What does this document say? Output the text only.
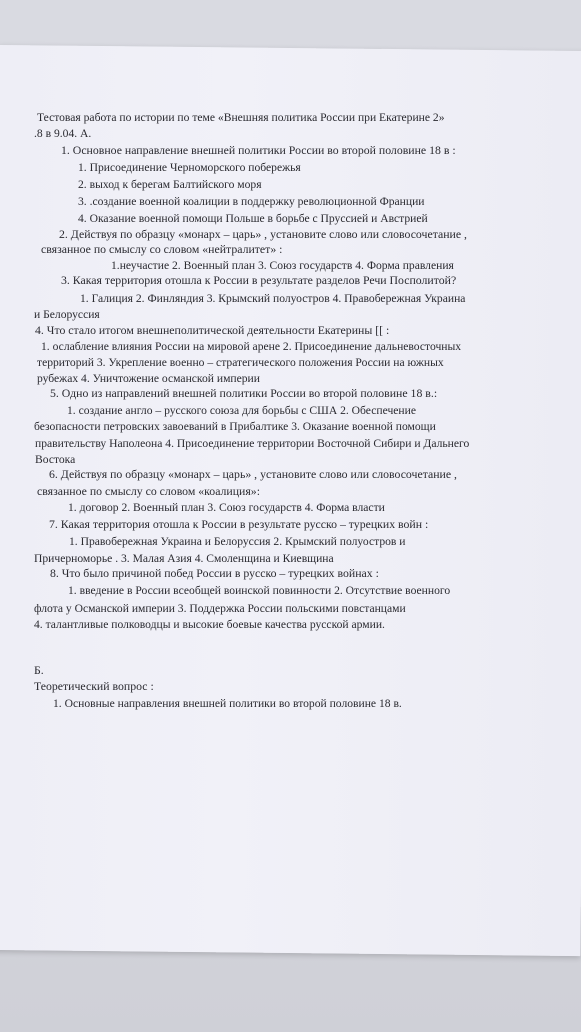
Тестовая работа по истории по теме «Внешняя политика России при Екатерине 2»
.8 в 9.04. А.
1. Основное направление внешней политики России во второй половине 18 в :
1. Присоединение Черноморского побережья
2. выход к берегам Балтийского моря
3. .создание военной коалиции в поддержку революционной Франции
4. Оказание военной помощи Польше в борьбе с Пруссией и Австрией
2. Действуя по образцу «монарх – царь» , установите слово или словосочетание ,
связанное по смыслу со словом «нейтралитет» :
1.неучастие 2. Военный план 3. Союз государств 4. Форма правления
3. Какая территория отошла к России в результате разделов Речи Посполитой?
1. Галиция 2. Финляндия 3. Крымский полуостров 4. Правобережная Украина
и Белоруссия
4. Что стало итогом внешнеполитической деятельности Екатерины [[ :
1. ослабление влияния России на мировой арене 2. Присоединение дальневосточных
территорий 3. Укрепление военно – стратегического положения России на южных
рубежах 4. Уничтожение османской империи
5. Одно из направлений внешней политики России во второй половине 18 в.:
1. создание англо – русского союза для борьбы с США 2. Обеспечение
безопасности петровских завоеваний в Прибалтике 3. Оказание военной помощи
правительству Наполеона 4. Присоединение территории Восточной Сибири и Дальнего
Востока
6. Действуя по образцу «монарх – царь» , установите слово или словосочетание ,
связанное по смыслу со словом «коалиция»:
1. договор 2. Военный план 3. Союз государств 4. Форма власти
7. Какая территория отошла к России в результате русско – турецких войн :
1. Правобережная Украина и Белоруссия 2. Крымский полуостров и
Причерноморье . 3. Малая Азия 4. Смоленщина и Киевщина
8. Что было причиной побед России в русско – турецких войнах :
1. введение в России всеобщей воинской повинности 2. Отсутствие военного
флота у Османской империи 3. Поддержка России польскими повстанцами
4. талантливые полководцы и высокие боевые качества русской армии.
Б.
Теоретический вопрос :
1. Основные направления внешней политики во второй половине 18 в.
